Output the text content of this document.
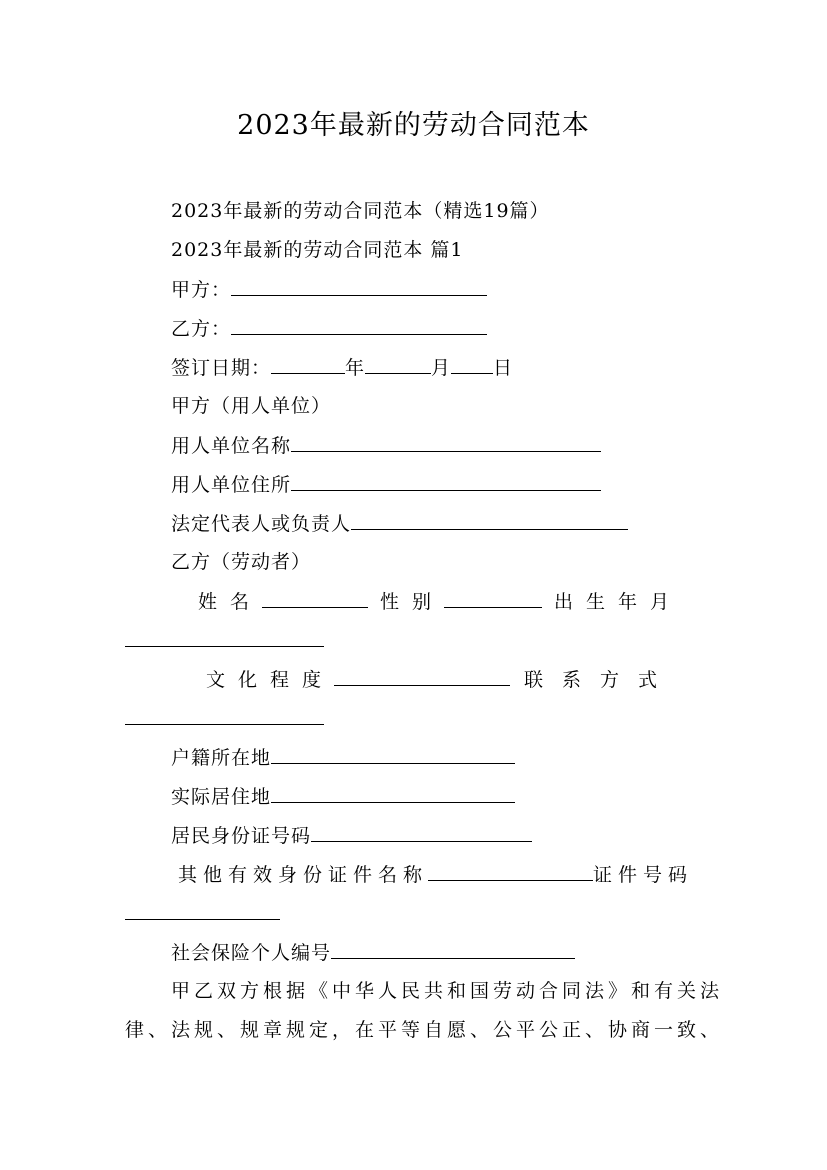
2023年最新的劳动合同范本
2023年最新的劳动合同范本（精选19篇）
2023年最新的劳动合同范本 篇1
甲方：
乙方：
签订日期：	年	月 日
甲方（用人单位）
用人单位名称
用人单位住所
法定代表人或负责人
乙方（劳动者）
姓名	性别	出生年月
文化程度	联系方式
户籍所在地
实际居住地
居民身份证号码
其他有效身份证件名称	证件号码
社会保险个人编号
甲乙双方根据《中华人民共和国劳动合同法》和有关法
律、法规、规章规定，在平等自愿、公平公正、协商一致、
